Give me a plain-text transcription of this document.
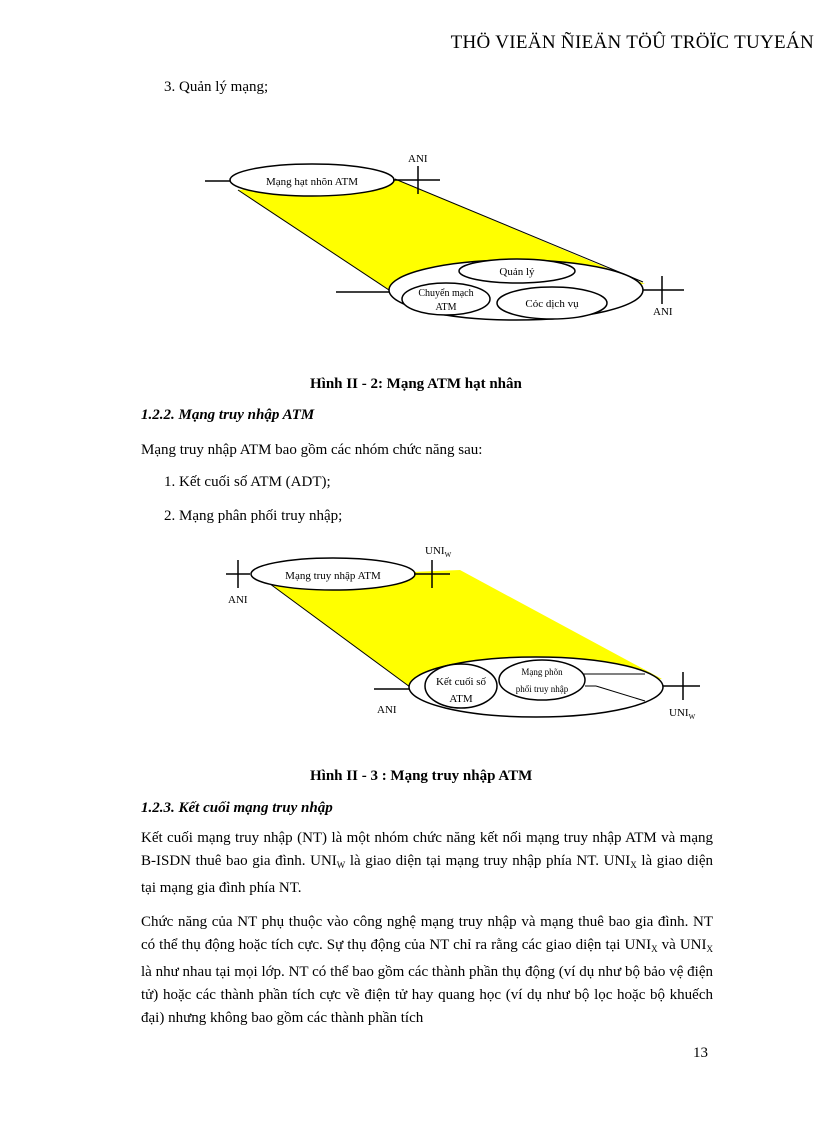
THÖ VIEÄN ÑIEÄN TÖÛ TRÖÏC TUYEÁN
3. Quản lý mạng;
Mạng hạt nhõn ATM
ANI
Quản lý
Chuyển mạch
ATM	Cỏc dịch vụ
ANI
Hình II - 2: Mạng ATM hạt nhân
1.2.2. Mạng truy nhập ATM
Mạng truy nhập ATM bao gồm các nhóm chức năng sau:
1. Kết cuối số ATM (ADT);
2. Mạng phân phối truy nhập;
Mạng truy nhập ATM
$UNI_W$
ANI
Kết cuối số
ATM
Mạng phõn
phối truy nhập
ANI	$UNI_W$
Hình II - 3 : Mạng truy nhập ATM
1.2.3. Kết cuối mạng truy nhập
Kết cuối mạng truy nhập (NT) là một nhóm chức năng kết nối mạng truy nhập ATM và mạng B-ISDN thuê bao gia đình. $UNI_W$ là giao diện tại mạng truy nhập phía NT. $UNI_X$ là giao diện tại mạng gia đình phía NT.
Chức năng của NT phụ thuộc vào công nghệ mạng truy nhập và mạng thuê bao gia đình. NT có thể thụ động hoặc tích cực. Sự thụ động của NT chỉ ra rằng các giao diện tại $UNI_X$ và $UNI_X$ là như nhau tại mọi lớp. NT có thể bao gồm các thành phần thụ động (ví dụ như bộ bảo vệ điện tử) hoặc các thành phần tích cực về điện tử hay quang học (ví dụ như bộ lọc hoặc bộ khuếch đại) nhưng không bao gồm các thành phần tích
13
